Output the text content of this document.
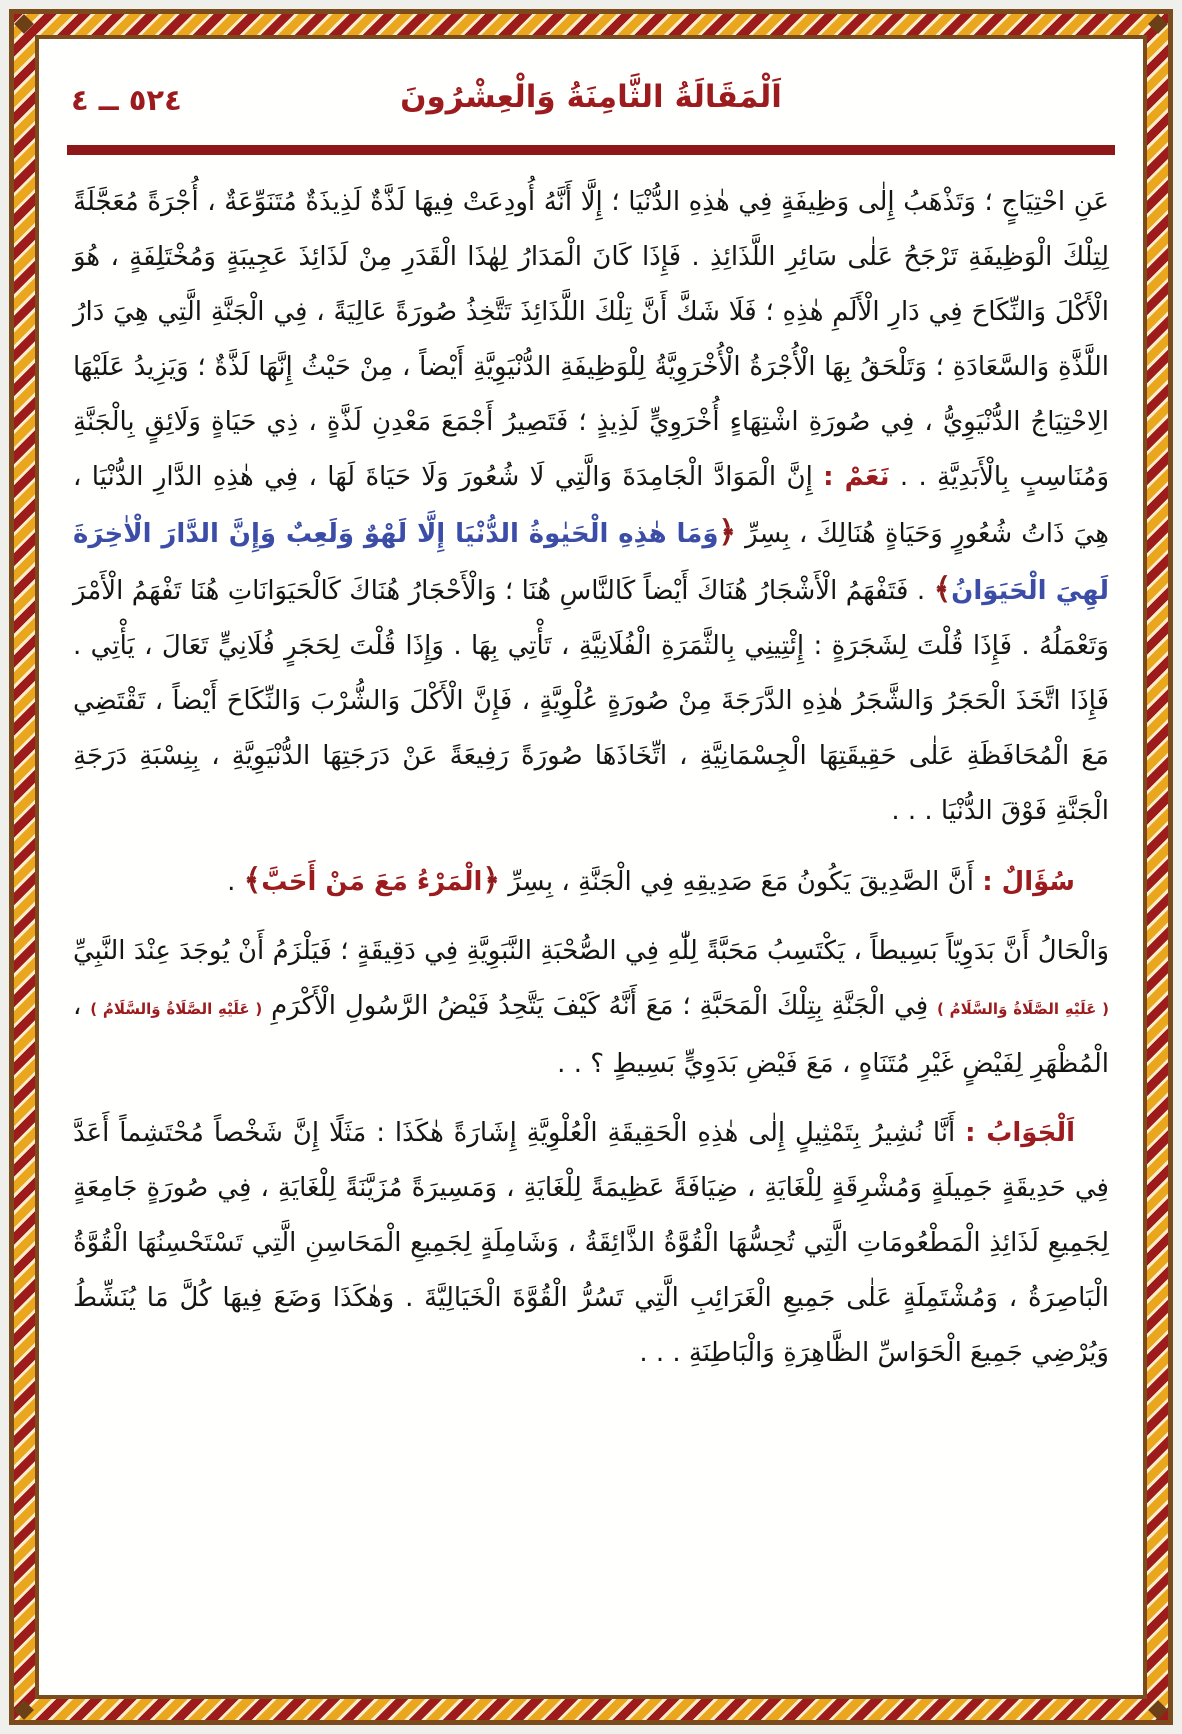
٥٢٤ ــ ٤	اَلْمَقَالَةُ الثَّامِنَةُ وَالْعِشْرُونَ

عَنِ احْتِيَاجٍ ؛ وَتَذْهَبُ إِلٰى وَظِيفَةٍ فِي هٰذِهِ الدُّنْيَا ؛ إِلَّا أَنَّهُ أُودِعَتْ فِيهَا لَذَّةٌ لَذِيذَةٌ مُتَنَوِّعَةٌ ، أُجْرَةً مُعَجَّلَةً لِتِلْكَ الْوَظِيفَةِ تَرْجَحُ عَلٰى سَائِرِ اللَّذَائِذِ . فَإِذَا كَانَ الْمَدَارُ لِهٰذَا الْقَدَرِ مِنْ لَذَائِذَ عَجِيبَةٍ وَمُخْتَلِفَةٍ ، هُوَ الْأَكْلَ وَالنِّكَاحَ فِي دَارِ الْأَلَمِ هٰذِهِ ؛ فَلَا شَكَّ أَنَّ تِلْكَ اللَّذَائِذَ تَتَّخِذُ صُورَةً عَالِيَةً ، فِي الْجَنَّةِ الَّتِي هِيَ دَارُ اللَّذَّةِ وَالسَّعَادَةِ ؛ وَتَلْحَقُ بِهَا الْأُجْرَةُ الْأُخْرَوِيَّةُ لِلْوَظِيفَةِ الدُّنْيَوِيَّةِ أَيْضاً ، مِنْ حَيْثُ إِنَّهَا لَذَّةٌ ؛ وَيَزِيدُ عَلَيْهَا الِاحْتِيَاجُ الدُّنْيَوِيُّ ، فِي صُورَةِ اشْتِهَاءٍ أُخْرَوِيٍّ لَذِيذٍ ؛ فَتَصِيرُ أَجْمَعَ مَعْدِنِ لَذَّةٍ ، ذِي حَيَاةٍ وَلَائِقٍ بِالْجَنَّةِ وَمُنَاسِبٍ بِالْأَبَدِيَّةِ . . نَعَمْ : إِنَّ الْمَوَادَّ الْجَامِدَةَ وَالَّتِي لَا شُعُورَ وَلَا حَيَاةَ لَهَا ، فِي هٰذِهِ الدَّارِ الدُّنْيَا ، هِيَ ذَاتُ شُعُورٍ وَحَيَاةٍ هُنَالِكَ ، بِسِرِّ ﴿وَمَا هٰذِهِ الْحَيٰوةُ الدُّنْيَا إِلَّا لَهْوٌ وَلَعِبٌ وَإِنَّ الدَّارَ الْاٰخِرَةَ لَهِيَ الْحَيَوَانُ﴾ . فَتَفْهَمُ الْأَشْجَارُ هُنَاكَ أَيْضاً كَالنَّاسِ هُنَا ؛ وَالْأَحْجَارُ هُنَاكَ كَالْحَيَوَانَاتِ هُنَا تَفْهَمُ الْأَمْرَ وَتَعْمَلُهُ . فَإِذَا قُلْتَ لِشَجَرَةٍ : إِئْتِينِي بِالثَّمَرَةِ الْفُلَانِيَّةِ ، تَأْتِي بِهَا . وَإِذَا قُلْتَ لِحَجَرٍ فُلَانِيٍّ تَعَالَ ، يَأْتِي . فَإِذَا اتَّخَذَ الْحَجَرُ وَالشَّجَرُ هٰذِهِ الدَّرَجَةَ مِنْ صُورَةٍ عُلْوِيَّةٍ ، فَإِنَّ الْأَكْلَ وَالشُّرْبَ وَالنِّكَاحَ أَيْضاً ، تَقْتَضِي مَعَ الْمُحَافَظَةِ عَلٰى حَقِيقَتِهَا الْجِسْمَانِيَّةِ ، اتِّخَاذَهَا صُورَةً رَفِيعَةً عَنْ دَرَجَتِهَا الدُّنْيَوِيَّةِ ، بِنِسْبَةِ دَرَجَةِ الْجَنَّةِ فَوْقَ الدُّنْيَا . . .

سُؤَالٌ : أَنَّ الصَّدِيقَ يَكُونُ مَعَ صَدِيقِهِ فِي الْجَنَّةِ ، بِسِرِّ ﴿الْمَرْءُ مَعَ مَنْ أَحَبَّ﴾ .

وَالْحَالُ أَنَّ بَدَوِيّاً بَسِيطاً ، يَكْتَسِبُ مَحَبَّةً لِلّٰهِ فِي الصُّحْبَةِ النَّبَوِيَّةِ فِي دَقِيقَةٍ ؛ فَيَلْزَمُ أَنْ يُوجَدَ عِنْدَ النَّبِيِّ ( عَلَيْهِ الصَّلَاةُ وَالسَّلَامُ ) فِي الْجَنَّةِ بِتِلْكَ الْمَحَبَّةِ ؛ مَعَ أَنَّهُ كَيْفَ يَتَّحِدُ فَيْضُ الرَّسُولِ الْأَكْرَمِ ( عَلَيْهِ الصَّلَاةُ وَالسَّلَامُ ) ، الْمُظْهَرِ لِفَيْضٍ غَيْرِ مُتَنَاهٍ ، مَعَ فَيْضِ بَدَوِيٍّ بَسِيطٍ ؟ . .

اَلْجَوَابُ : أَنَّا نُشِيرُ بِتَمْثِيلٍ إِلٰى هٰذِهِ الْحَقِيقَةِ الْعُلْوِيَّةِ إِشَارَةً هٰكَذَا : مَثَلًا إِنَّ شَخْصاً مُحْتَشِماً أَعَدَّ فِي حَدِيقَةٍ جَمِيلَةٍ وَمُشْرِقَةٍ لِلْغَايَةِ ، ضِيَافَةً عَظِيمَةً لِلْغَايَةِ ، وَمَسِيرَةً مُزَيَّنَةً لِلْغَايَةِ ، فِي صُورَةٍ جَامِعَةٍ لِجَمِيعِ لَذَائِذِ الْمَطْعُومَاتِ الَّتِي تُحِسُّهَا الْقُوَّةُ الذَّائِقَةُ ، وَشَامِلَةٍ لِجَمِيعِ الْمَحَاسِنِ الَّتِي تَسْتَحْسِنُهَا الْقُوَّةُ الْبَاصِرَةُ ، وَمُشْتَمِلَةٍ عَلٰى جَمِيعِ الْغَرَائِبِ الَّتِي تَسُرُّ الْقُوَّةَ الْخَيَالِيَّةَ . وَهٰكَذَا وَضَعَ فِيهَا كُلَّ مَا يُنَشِّطُ وَيُرْضِي جَمِيعَ الْحَوَاسِّ الظَّاهِرَةِ وَالْبَاطِنَةِ . . .
